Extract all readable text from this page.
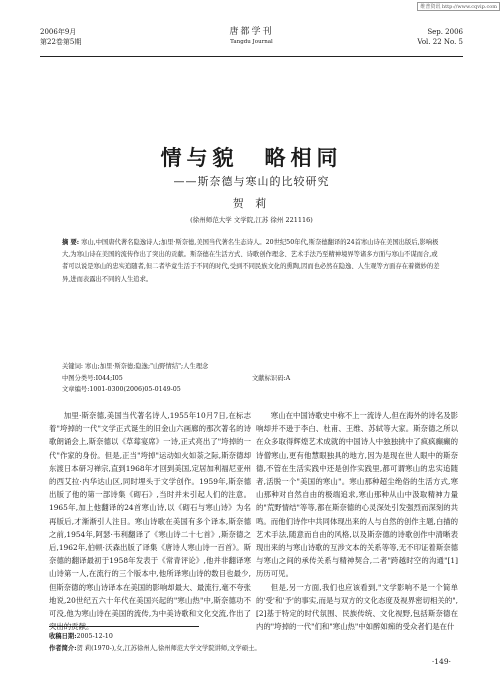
维普资讯 http://www.cqvip.com
2006年9月
第22卷第5期
唐都学刊
Tangdu Journal
Sep. 2006
Vol. 22 No. 5
情与貌　略相同
——斯奈德与寒山的比较研究
贺 莉
(徐州师范大学 文学院,江苏 徐州 221116)
摘 要: 寒山,中国唐代著名隐逸诗人;加里·斯奈德,美国当代著名生态诗人。20世纪50年代,斯奈德翻译的24首寒山诗在美国出版后,影响极大,为寒山诗在美国的流传作出了突出的贡献。斯奈德在生活方式、诗歌创作理念、艺术手法乃至精神境界等诸多方面与寒山不谋而合,或者可以说是寒山的忠实追随者,但二者毕竟生活于不同的时代,受到不同民族文化的熏陶,因而也必然在隐逸、人生观等方面存在着微妙的差异,进而表露出不同的人生追求。
关键词: 寒山;加里·斯奈德;隐逸;"山野情结";人生理念
中图分类号:I044;I05	文献标识码:A
文章编号:1001-0300(2006)05-0149-05

加里·斯奈德,美国当代著名诗人,1955年10月7日,在标志着"垮掉的一代"文学正式诞生的旧金山六画廊的那次著名的诗歌朗诵会上,斯奈德以《草莓宴席》一诗,正式亮出了"垮掉的一代"作家的身份。但是,正当"垮掉"运动如火如荼之际,斯奈德却东渡日本研习禅宗,直到1968年才回到美国,定居加利福尼亚州的西艾拉·内华达山区,同时埋头于文学创作。1959年,斯奈德出版了他的第一部诗集《砌石》,当时并未引起人们的注意。1965年,加上他翻译的24首寒山诗,以《砌石与寒山诗》为名再版后,才渐渐引人注目。寒山诗歌在美国有多个译本,斯奈德之前,1954年,阿瑟·韦利翻译了《寒山诗二十七首》,斯奈德之后,1962年,伯顿·沃森出版了译集《唐诗人寒山诗一百首》。斯奈德的翻译最初于1958年发表于《常青评论》,他并非翻译寒山诗第一人,在流行的三个版本中,他所译寒山诗的数目也最少,但斯奈德的寒山诗译本在美国的影响却最大、最流行,毫不夸张地说,20世纪五六十年代在美国兴起的"寒山热"中,斯奈德功不可没,他为寒山诗在美国的流传,为中美诗歌和文化交流,作出了突出的贡献。

寒山在中国诗歌史中称不上一流诗人,但在海外的诗名及影响却并不逊于李白、杜甫、王维、苏轼等大家。斯奈德之所以在众多取得辉煌艺术成就的中国诗人中独独挑中了疯疯癫癫的诗僧寒山,更有他慧眼独具的地方,因为是现在世人眼中的斯奈德,不管在生活实践中还是创作实践里,都可谓寒山的忠实追随者,活脱一个"美国的寒山"。寒山那种超尘绝俗的生活方式,寒山那种对自然自由的极端追求,寒山那种从山中汲取精神力量的"荒野情结"等等,都在斯奈德的心灵深处引发强烈而深刻的共鸣。而他们诗作中共同体现出来的人与自然的创作主题,白描的艺术手法,随意而自由的风格,以及斯奈德的诗歌创作中清晰表现出来的与寒山诗歌的互涉文本的关系等等,无不印证着斯奈德与寒山之间的承传关系与精神契合,二者"跨越时空的沟通"[1]历历可见。

但是,另一方面,我们也应该看到,"文学影响不是一个简单的'受'和'予'的事实,而是与双方的文化态度及视界密切相关的",[2]基于特定的时代氛围、民族传统、文化视野,包括斯奈德在内的"垮掉的一代"们和"寒山热"中如醉如痴的受众者们是在什

收稿日期:2005-12-10
作者简介:贺 莉(1970-),女,江苏徐州人,徐州师范大学文学院讲师,文学硕士。
·149·
